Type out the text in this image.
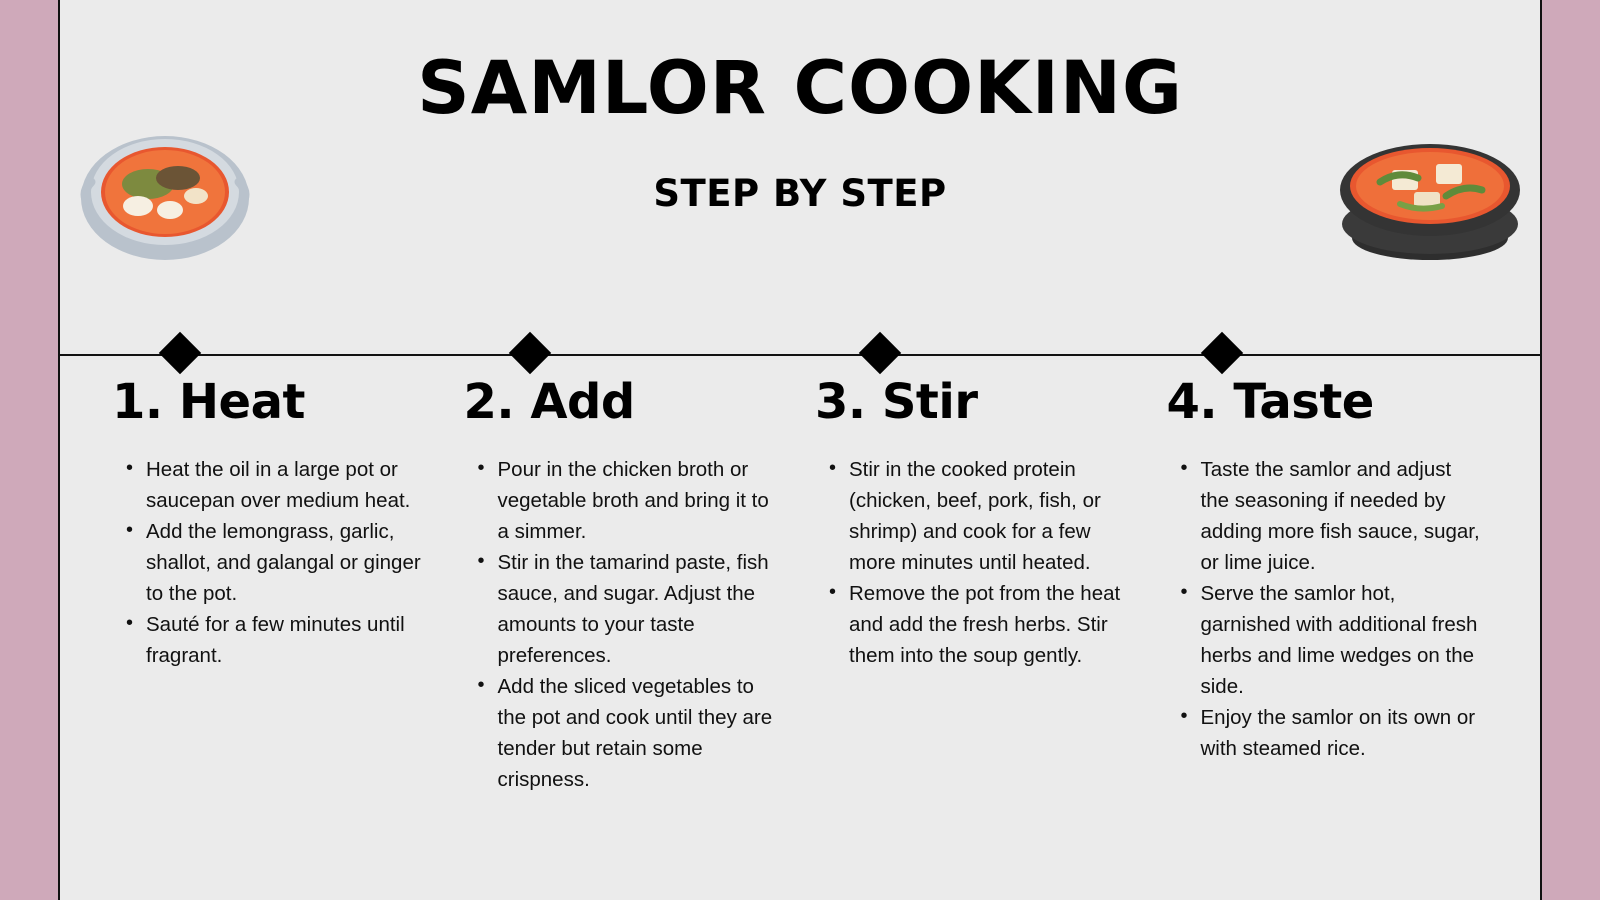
SAMLOR COOKING
STEP BY STEP
1. Heat
• Heat the oil in a large pot or saucepan over medium heat.
• Add the lemongrass, garlic, shallot, and galangal or ginger to the pot.
• Sauté for a few minutes until fragrant.
2. Add
• Pour in the chicken broth or vegetable broth and bring it to a simmer.
• Stir in the tamarind paste, fish sauce, and sugar. Adjust the amounts to your taste preferences.
• Add the sliced vegetables to the pot and cook until they are tender but retain some crispness.
3. Stir
• Stir in the cooked protein (chicken, beef, pork, fish, or shrimp) and cook for a few more minutes until heated.
• Remove the pot from the heat and add the fresh herbs. Stir them into the soup gently.
4. Taste
• Taste the samlor and adjust the seasoning if needed by adding more fish sauce, sugar, or lime juice.
• Serve the samlor hot, garnished with additional fresh herbs and lime wedges on the side.
• Enjoy the samlor on its own or with steamed rice.
